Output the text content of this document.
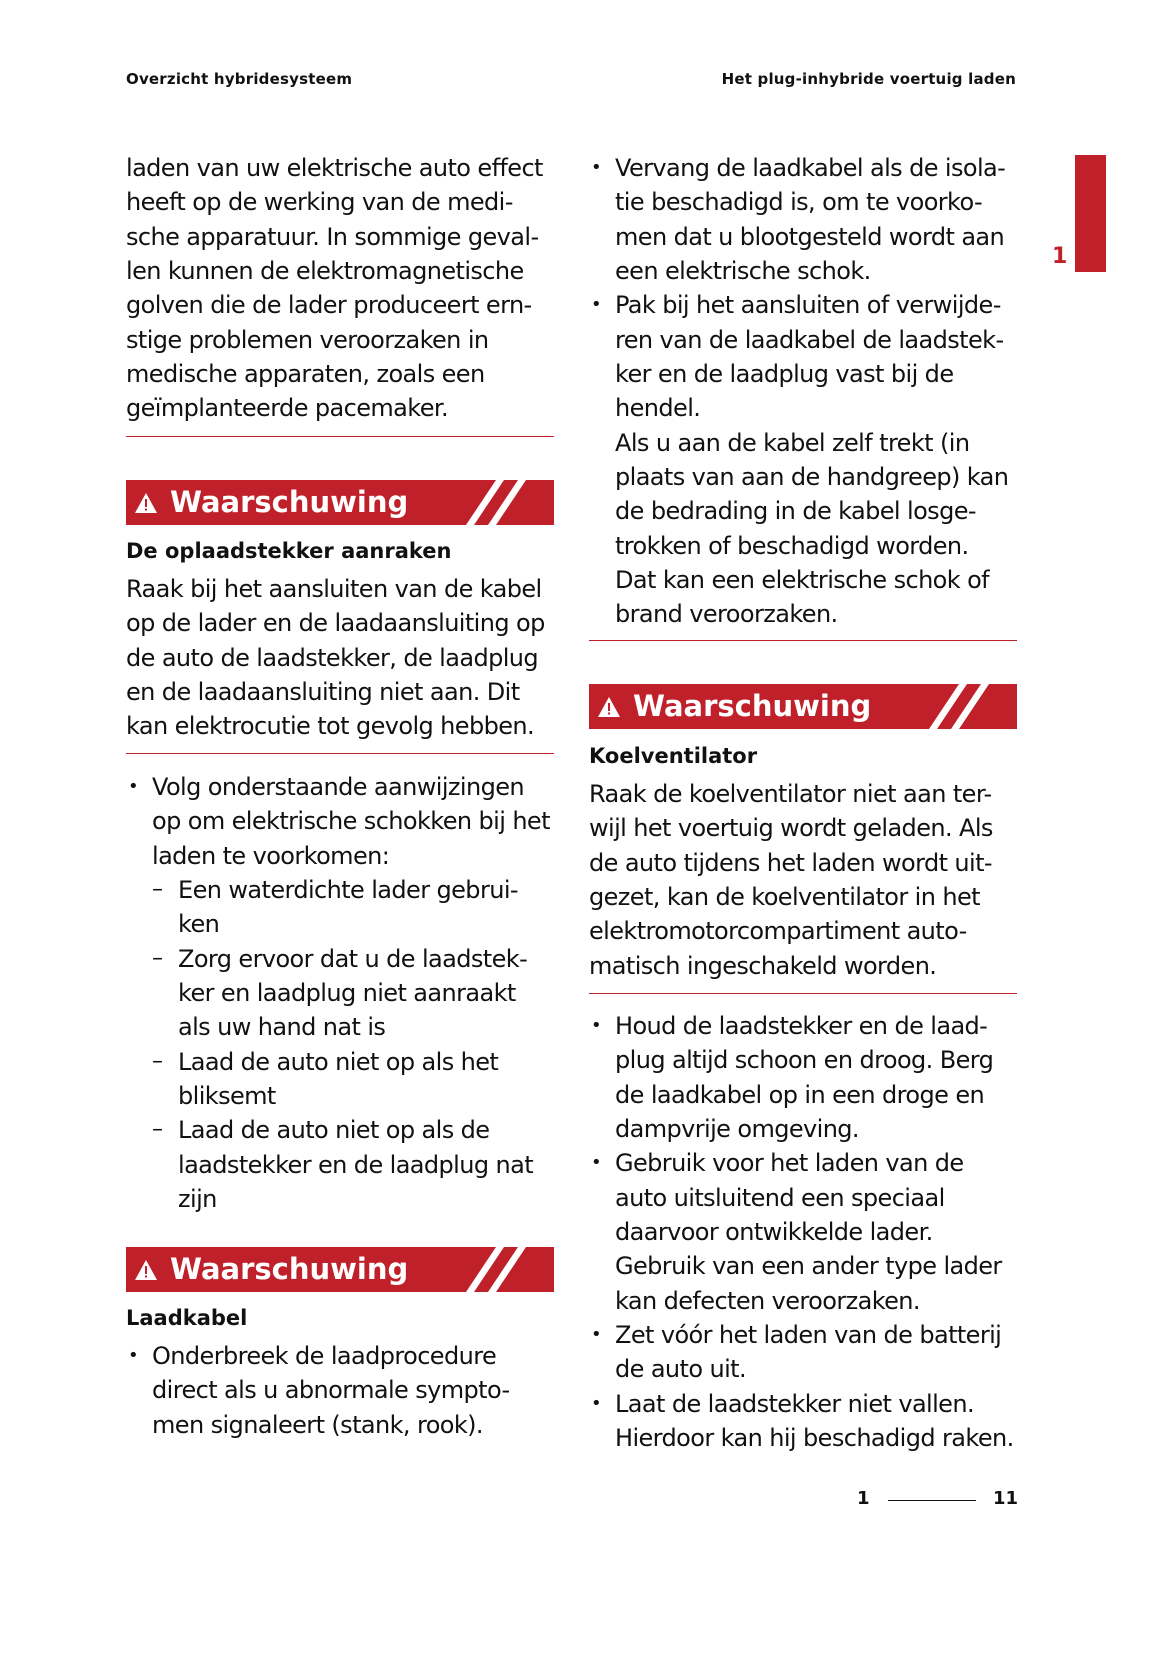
Overzicht hybridesysteem	Het plug-inhybride voertuig laden
1
laden van uw elektrische auto effect
heeft op de werking van de medi-
sche apparatuur. In sommige geval-
len kunnen de elektromagnetische
golven die de lader produceert ern-
stige problemen veroorzaken in
medische apparaten, zoals een
geïmplanteerde pacemaker.
Waarschuwing
De oplaadstekker aanraken
Raak bij het aansluiten van de kabel
op de lader en de laadaansluiting op
de auto de laadstekker, de laadplug
en de laadaansluiting niet aan. Dit
kan elektrocutie tot gevolg hebben.
• Volg onderstaande aanwijzingen
op om elektrische schokken bij het
laden te voorkomen:
– Een waterdichte lader gebrui-
ken
– Zorg ervoor dat u de laadstek-
ker en laadplug niet aanraakt
als uw hand nat is
– Laad de auto niet op als het
bliksemt
– Laad de auto niet op als de
laadstekker en de laadplug nat
zijn
Waarschuwing
Laadkabel
• Onderbreek de laadprocedure
direct als u abnormale sympto-
men signaleert (stank, rook).
• Vervang de laadkabel als de isola-
tie beschadigd is, om te voorko-
men dat u blootgesteld wordt aan
een elektrische schok.
• Pak bij het aansluiten of verwijde-
ren van de laadkabel de laadstek-
ker en de laadplug vast bij de
hendel.
Als u aan de kabel zelf trekt (in
plaats van aan de handgreep) kan
de bedrading in de kabel losge-
trokken of beschadigd worden.
Dat kan een elektrische schok of
brand veroorzaken.
Waarschuwing
Koelventilator
Raak de koelventilator niet aan ter-
wijl het voertuig wordt geladen. Als
de auto tijdens het laden wordt uit-
gezet, kan de koelventilator in het
elektromotorcompartiment auto-
matisch ingeschakeld worden.
• Houd de laadstekker en de laad-
plug altijd schoon en droog. Berg
de laadkabel op in een droge en
dampvrije omgeving.
• Gebruik voor het laden van de
auto uitsluitend een speciaal
daarvoor ontwikkelde lader.
Gebruik van een ander type lader
kan defecten veroorzaken.
• Zet vóór het laden van de batterij
de auto uit.
• Laat de laadstekker niet vallen.
Hierdoor kan hij beschadigd raken.
1	11
